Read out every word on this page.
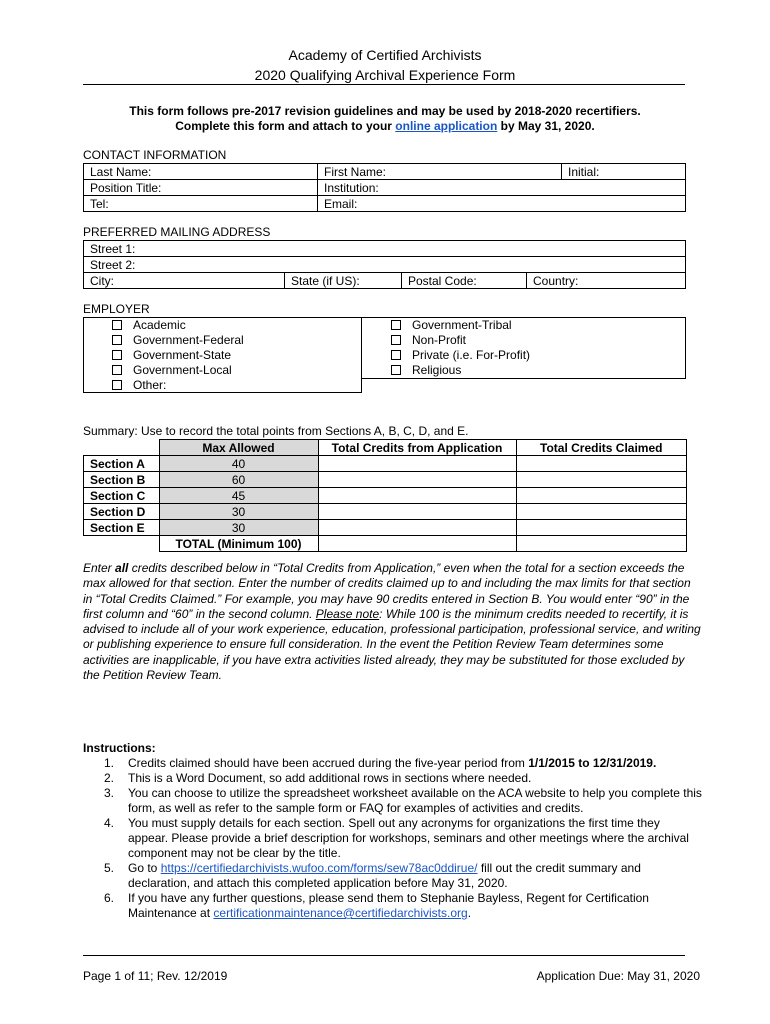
Academy of Certified Archivists
2020 Qualifying Archival Experience Form
This form follows pre-2017 revision guidelines and may be used by 2018-2020 recertifiers.
Complete this form and attach to your online application by May 31, 2020.
CONTACT INFORMATION
Last Name:	First Name:	Initial:
Position Title:	Institution:	
Tel:	Email:	
PREFERRED MAILING ADDRESS
Street 1:
Street 2:
City:	State (if US):	Postal Code:	Country:
EMPLOYER
Academic
Government-Federal
Government-State
Government-Local
Other:
Government-Tribal
Non-Profit
Private (i.e. For-Profit)
Religious
Summary: Use to record the total points from Sections A, B, C, D, and E.
	Max Allowed	Total Credits from Application	Total Credits Claimed
Section A	40		
Section B	60		
Section C	45		
Section D	30		
Section E	30		
	TOTAL (Minimum 100)		
Enter all credits described below in “Total Credits from Application,” even when the total for a section exceeds the max allowed for that section. Enter the number of credits claimed up to and including the max limits for that section in “Total Credits Claimed.” For example, you may have 90 credits entered in Section B. You would enter “90” in the first column and “60” in the second column. Please note: While 100 is the minimum credits needed to recertify, it is advised to include all of your work experience, education, professional participation, professional service, and writing or publishing experience to ensure full consideration. In the event the Petition Review Team determines some activities are inapplicable, if you have extra activities listed already, they may be substituted for those excluded by the Petition Review Team.
Instructions:
1. Credits claimed should have been accrued during the five-year period from 1/1/2015 to 12/31/2019.
2. This is a Word Document, so add additional rows in sections where needed.
3. You can choose to utilize the spreadsheet worksheet available on the ACA website to help you complete this form, as well as refer to the sample form or FAQ for examples of activities and credits.
4. You must supply details for each section. Spell out any acronyms for organizations the first time they appear. Please provide a brief description for workshops, seminars and other meetings where the archival component may not be clear by the title.
5. Go to https://certifiedarchivists.wufoo.com/forms/sew78ac0ddirue/ fill out the credit summary and declaration, and attach this completed application before May 31, 2020.
6. If you have any further questions, please send them to Stephanie Bayless, Regent for Certification Maintenance at certificationmaintenance@certifiedarchivists.org.
Page 1 of 11; Rev. 12/2019	Application Due: May 31, 2020
